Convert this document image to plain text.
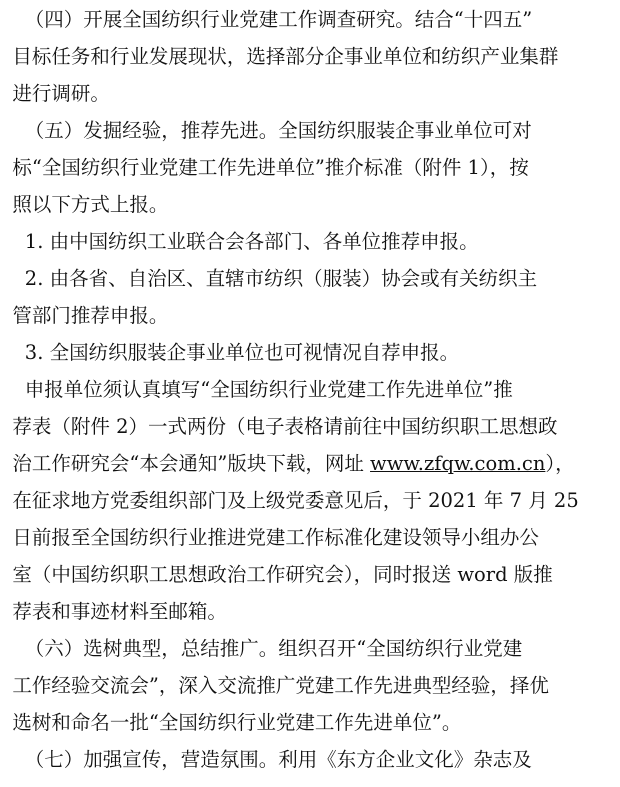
（四）开展全国纺织行业党建工作调查研究。结合“十四五”
目标任务和行业发展现状，选择部分企事业单位和纺织产业集群
进行调研。
（五）发掘经验，推荐先进。全国纺织服装企事业单位可对
标“全国纺织行业党建工作先进单位”推介标准（附件 1），按
照以下方式上报。
1. 由中国纺织工业联合会各部门、各单位推荐申报。
2. 由各省、自治区、直辖市纺织（服装）协会或有关纺织主
管部门推荐申报。
3. 全国纺织服装企事业单位也可视情况自荐申报。
申报单位须认真填写“全国纺织行业党建工作先进单位”推
荐表（附件 2）一式两份（电子表格请前往中国纺织职工思想政
治工作研究会“本会通知”版块下载，网址 www.zfqw.com.cn），
在征求地方党委组织部门及上级党委意见后，于 2021 年 7 月 25
日前报至全国纺织行业推进党建工作标准化建设领导小组办公
室（中国纺织职工思想政治工作研究会），同时报送 word 版推
荐表和事迹材料至邮箱。
（六）选树典型，总结推广。组织召开“全国纺织行业党建
工作经验交流会”，深入交流推广党建工作先进典型经验，择优
选树和命名一批“全国纺织行业党建工作先进单位”。
（七）加强宣传，营造氛围。利用《东方企业文化》杂志及
